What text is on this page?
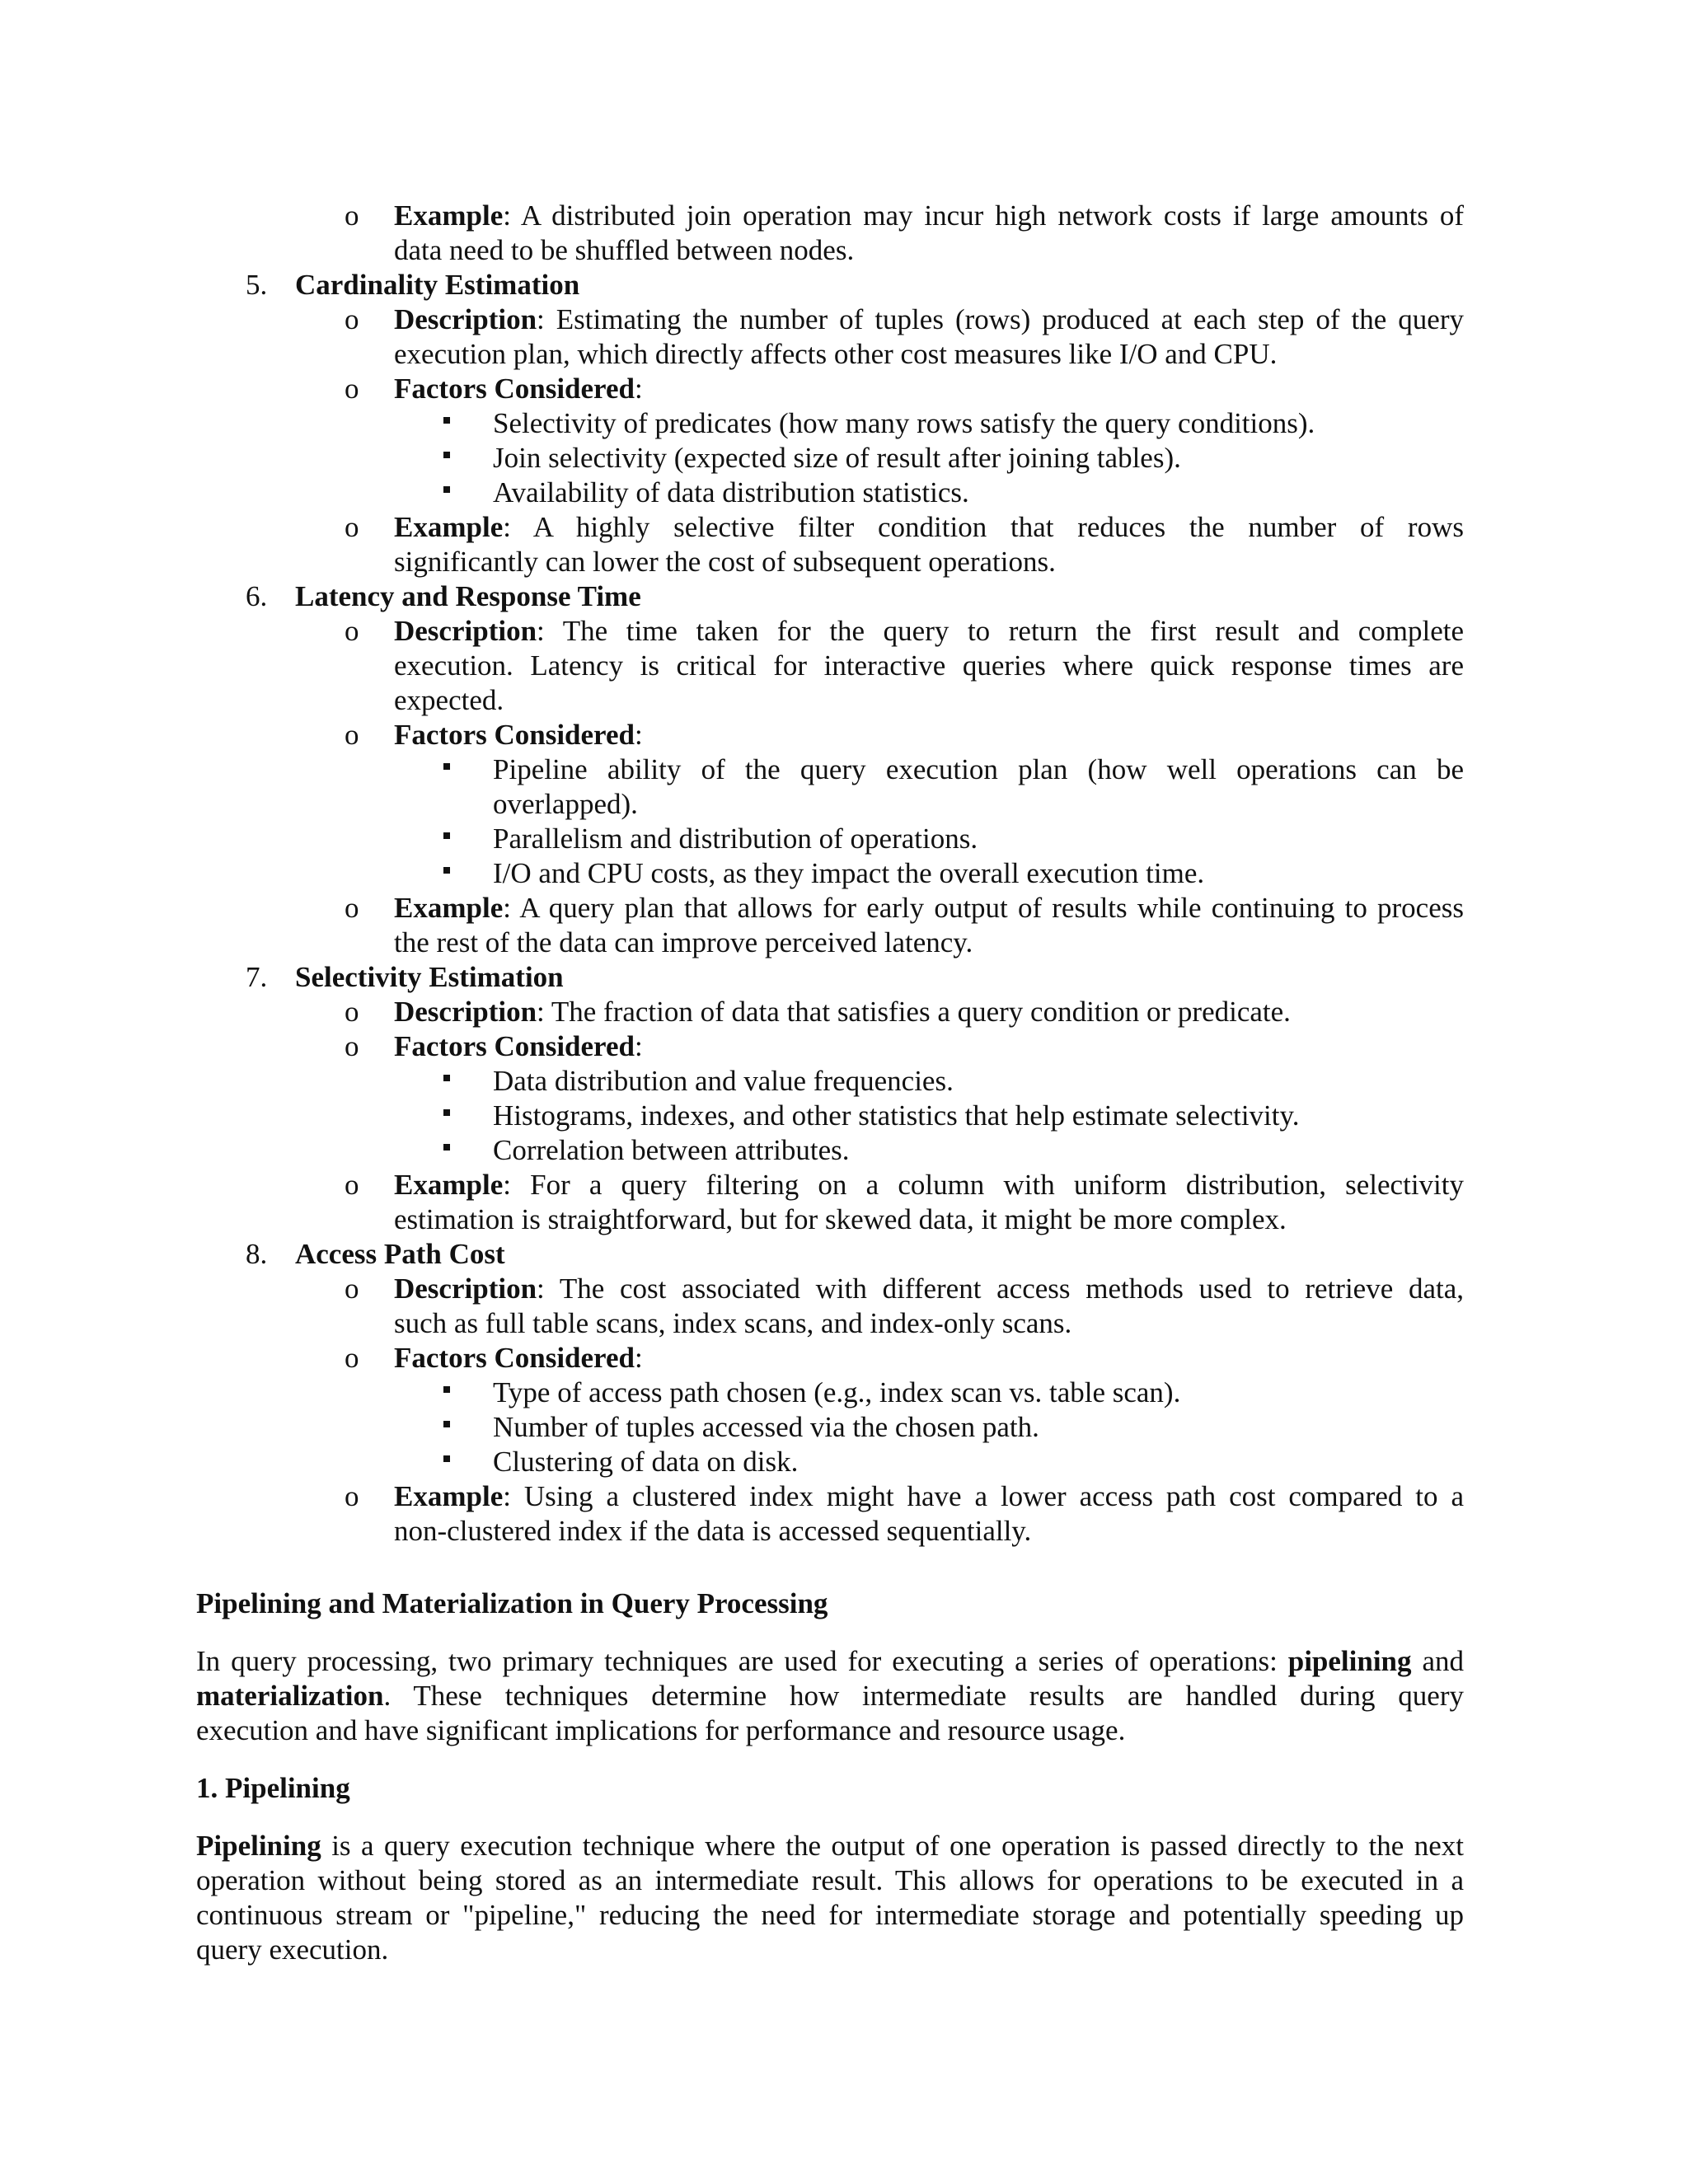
o Example: A distributed join operation may incur high network costs if large amounts of
data need to be shuffled between nodes.
5. Cardinality Estimation
o Description: Estimating the number of tuples (rows) produced at each step of the query
execution plan, which directly affects other cost measures like I/O and CPU.
o Factors Considered:
Selectivity of predicates (how many rows satisfy the query conditions).
Join selectivity (expected size of result after joining tables).
Availability of data distribution statistics.
o Example: A highly selective filter condition that reduces the number of rows
significantly can lower the cost of subsequent operations.
6. Latency and Response Time
o Description: The time taken for the query to return the first result and complete
execution. Latency is critical for interactive queries where quick response times are
expected.
o Factors Considered:
Pipeline ability of the query execution plan (how well operations can be
overlapped).
Parallelism and distribution of operations.
I/O and CPU costs, as they impact the overall execution time.
o Example: A query plan that allows for early output of results while continuing to process
the rest of the data can improve perceived latency.
7. Selectivity Estimation
o Description: The fraction of data that satisfies a query condition or predicate.
o Factors Considered:
Data distribution and value frequencies.
Histograms, indexes, and other statistics that help estimate selectivity.
Correlation between attributes.
o Example: For a query filtering on a column with uniform distribution, selectivity
estimation is straightforward, but for skewed data, it might be more complex.
8. Access Path Cost
o Description: The cost associated with different access methods used to retrieve data,
such as full table scans, index scans, and index-only scans.
o Factors Considered:
Type of access path chosen (e.g., index scan vs. table scan).
Number of tuples accessed via the chosen path.
Clustering of data on disk.
o Example: Using a clustered index might have a lower access path cost compared to a
non-clustered index if the data is accessed sequentially.
Pipelining and Materialization in Query Processing
In query processing, two primary techniques are used for executing a series of operations: pipelining and
materialization. These techniques determine how intermediate results are handled during query
execution and have significant implications for performance and resource usage.
1. Pipelining
Pipelining is a query execution technique where the output of one operation is passed directly to the next
operation without being stored as an intermediate result. This allows for operations to be executed in a
continuous stream or "pipeline," reducing the need for intermediate storage and potentially speeding up
query execution.
